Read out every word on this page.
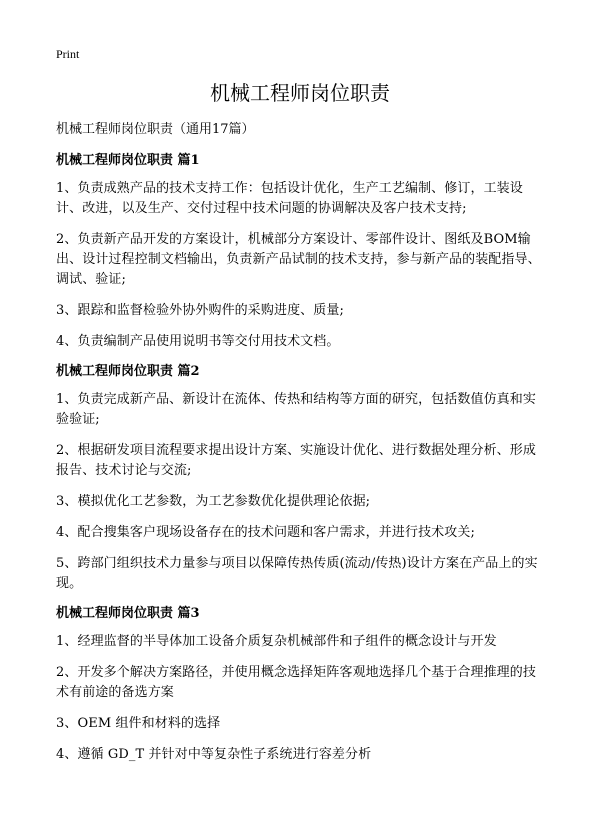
Print
机械工程师岗位职责

机械工程师岗位职责（通用17篇）

机械工程师岗位职责 篇1

1、负责成熟产品的技术支持工作：包括设计优化，生产工艺编制、修订，工装设计、改进，以及生产、交付过程中技术问题的协调解决及客户技术支持;

2、负责新产品开发的方案设计，机械部分方案设计、零部件设计、图纸及BOM输出、设计过程控制文档输出，负责新产品试制的技术支持，参与新产品的装配指导、调试、验证;

3、跟踪和监督检验外协外购件的采购进度、质量;

4、负责编制产品使用说明书等交付用技术文档。

机械工程师岗位职责 篇2

1、负责完成新产品、新设计在流体、传热和结构等方面的研究，包括数值仿真和实验验证;

2、根据研发项目流程要求提出设计方案、实施设计优化、进行数据处理分析、形成报告、技术讨论与交流;

3、模拟优化工艺参数，为工艺参数优化提供理论依据;

4、配合搜集客户现场设备存在的技术问题和客户需求，并进行技术攻关;

5、跨部门组织技术力量参与项目以保障传热传质(流动/传热)设计方案在产品上的实现。

机械工程师岗位职责 篇3

1、经理监督的半导体加工设备介质复杂机械部件和子组件的概念设计与开发

2、开发多个解决方案路径，并使用概念选择矩阵客观地选择几个基于合理推理的技术有前途的备选方案

3、OEM 组件和材料的选择

4、遵循 GD_T 并针对中等复杂性子系统进行容差分析
